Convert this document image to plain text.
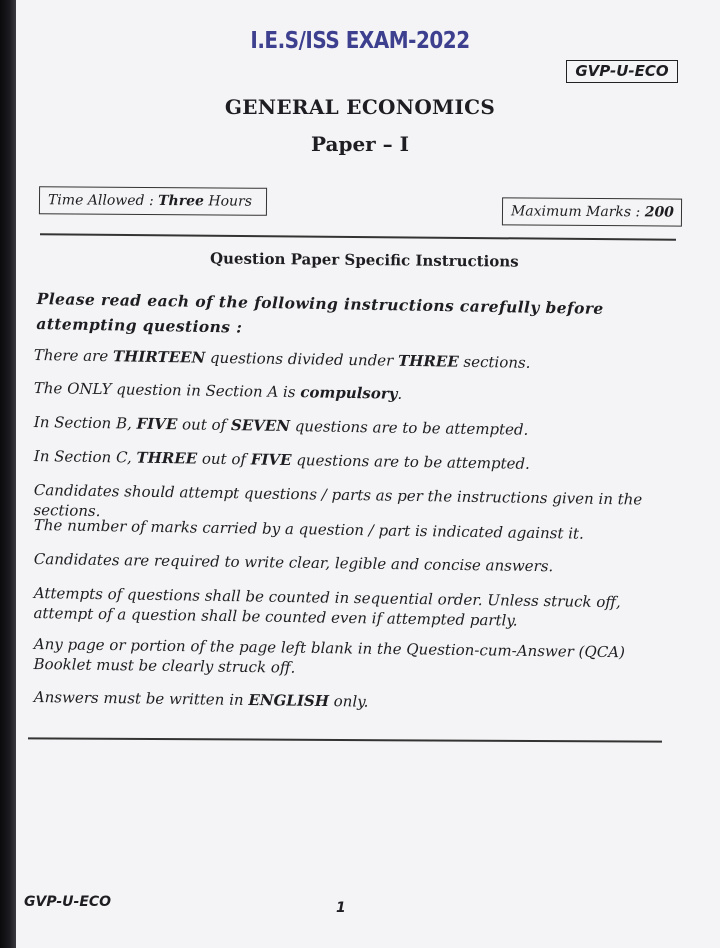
I.E.S/ISS EXAM-2022
GVP-U-ECO
GENERAL ECONOMICS
Paper – I
Time Allowed : Three Hours
Maximum Marks : 200
Question Paper Specific Instructions
Please read each of the following instructions carefully before attempting questions :
There are THIRTEEN questions divided under THREE sections.
The ONLY question in Section A is compulsory.
In Section B, FIVE out of SEVEN questions are to be attempted.
In Section C, THREE out of FIVE questions are to be attempted.
Candidates should attempt questions / parts as per the instructions given in the sections.
The number of marks carried by a question / part is indicated against it.
Candidates are required to write clear, legible and concise answers.
Attempts of questions shall be counted in sequential order. Unless struck off, attempt of a question shall be counted even if attempted partly.
Any page or portion of the page left blank in the Question-cum-Answer (QCA) Booklet must be clearly struck off.
Answers must be written in ENGLISH only.
GVP-U-ECO	1
